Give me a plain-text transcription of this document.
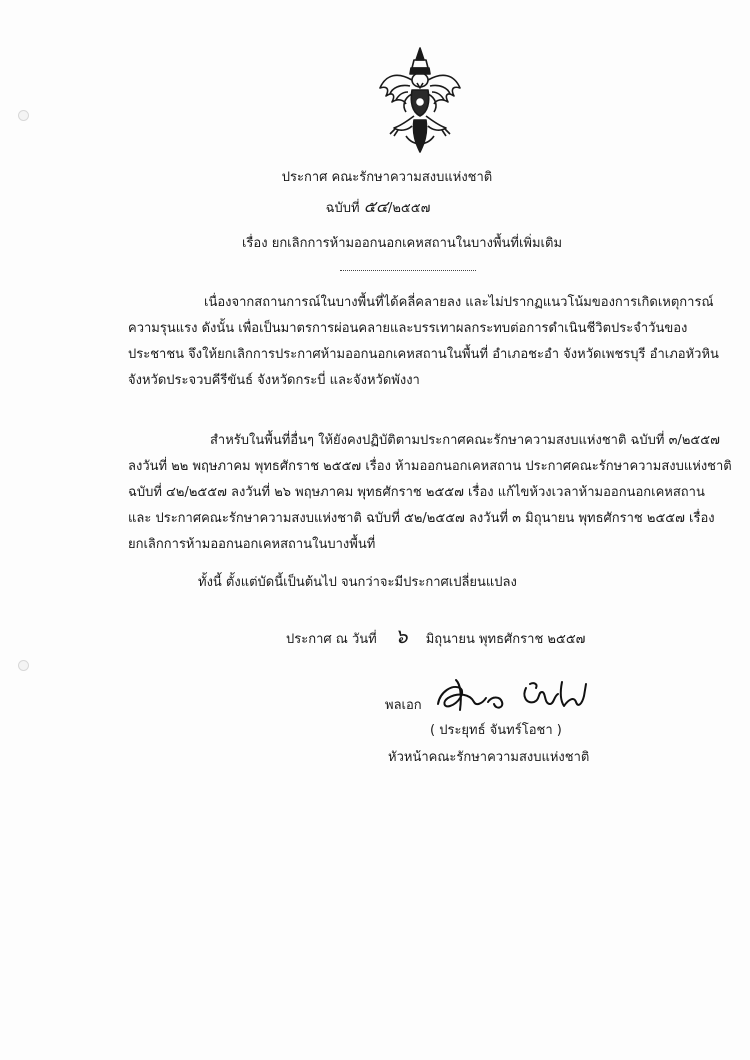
ประกาศ คณะรักษาความสงบแห่งชาติ
ฉบับที่ ๕๔/๒๕๕๗
เรื่อง ยกเลิกการห้ามออกนอกเคหสถานในบางพื้นที่เพิ่มเติม
เนื่องจากสถานการณ์ในบางพื้นที่ได้คลี่คลายลง และไม่ปรากฏแนวโน้มของการเกิดเหตุการณ์
ความรุนแรง ดังนั้น เพื่อเป็นมาตรการผ่อนคลายและบรรเทาผลกระทบต่อการดำเนินชีวิตประจำวันของ
ประชาชน จึงให้ยกเลิกการประกาศห้ามออกนอกเคหสถานในพื้นที่ อำเภอชะอำ จังหวัดเพชรบุรี อำเภอหัวหิน
จังหวัดประจวบคีรีขันธ์ จังหวัดกระบี่ และจังหวัดพังงา
สำหรับในพื้นที่อื่นๆ ให้ยังคงปฏิบัติตามประกาศคณะรักษาความสงบแห่งชาติ ฉบับที่ ๓/๒๕๕๗
ลงวันที่ ๒๒ พฤษภาคม พุทธศักราช ๒๕๕๗ เรื่อง ห้ามออกนอกเคหสถาน ประกาศคณะรักษาความสงบแห่งชาติ
ฉบับที่ ๔๒/๒๕๕๗ ลงวันที่ ๒๖ พฤษภาคม พุทธศักราช ๒๕๕๗ เรื่อง แก้ไขห้วงเวลาห้ามออกนอกเคหสถาน
และ ประกาศคณะรักษาความสงบแห่งชาติ ฉบับที่ ๕๒/๒๕๕๗ ลงวันที่ ๓ มิถุนายน พุทธศักราช ๒๕๕๗ เรื่อง
ยกเลิกการห้ามออกนอกเคหสถานในบางพื้นที่
ทั้งนี้ ตั้งแต่บัดนี้เป็นต้นไป จนกว่าจะมีประกาศเปลี่ยนแปลง
ประกาศ ณ วันที่ ๖ มิถุนายน พุทธศักราช ๒๕๕๗
พลเอก
( ประยุทธ์ จันทร์โอชา )
หัวหน้าคณะรักษาความสงบแห่งชาติ
